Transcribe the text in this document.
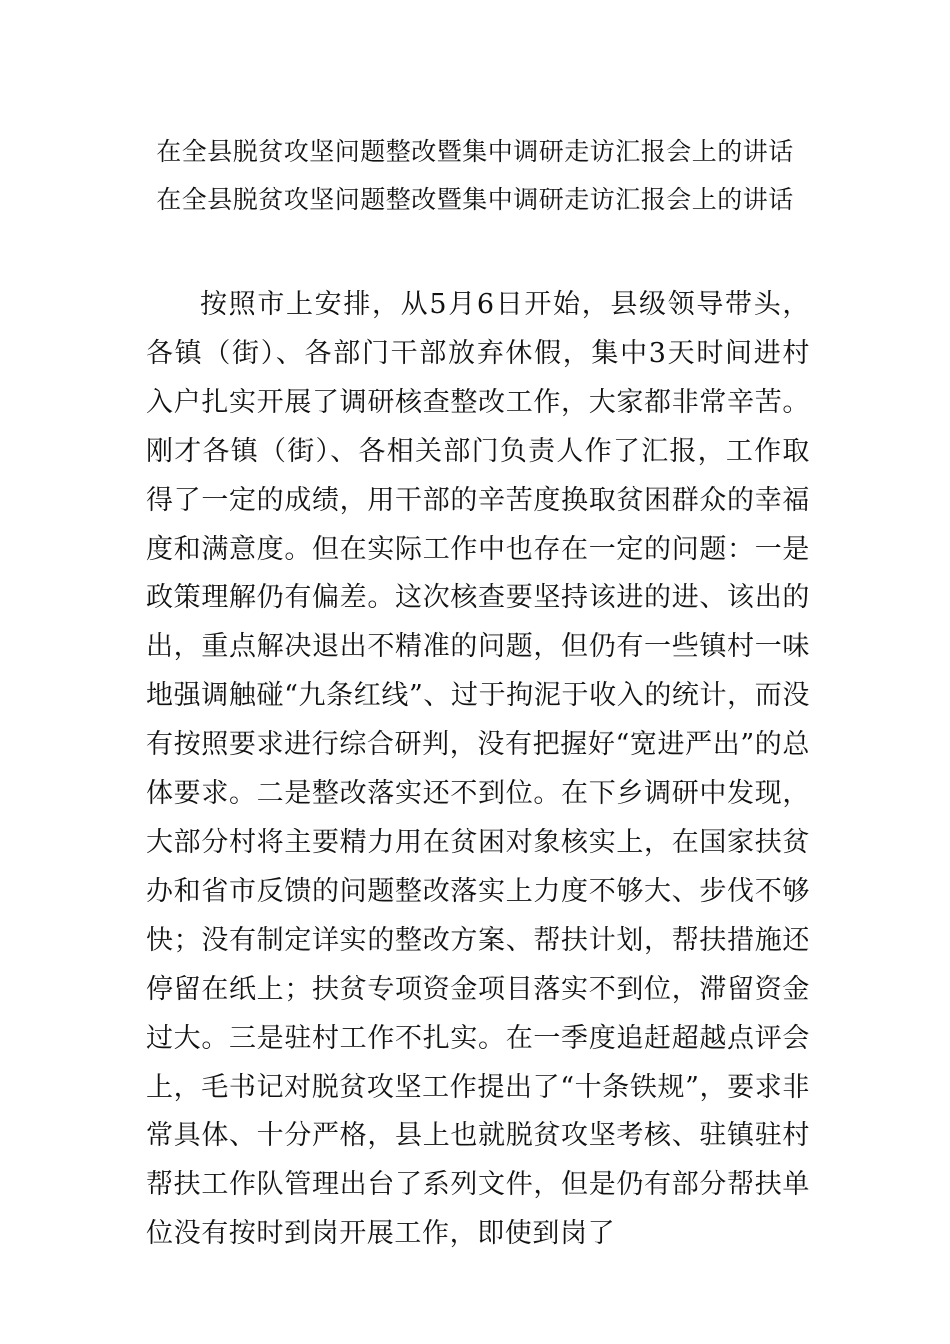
在全县脱贫攻坚问题整改暨集中调研走访汇报会上的讲话
在全县脱贫攻坚问题整改暨集中调研走访汇报会上的讲话

按照市上安排，从5月6日开始，县级领导带头，各镇（街）、各部门干部放弃休假，集中3天时间进村入户扎实开展了调研核查整改工作，大家都非常辛苦。刚才各镇（街）、各相关部门负责人作了汇报，工作取得了一定的成绩，用干部的辛苦度换取贫困群众的幸福度和满意度。但在实际工作中也存在一定的问题：一是政策理解仍有偏差。这次核查要坚持该进的进、该出的出，重点解决退出不精准的问题，但仍有一些镇村一味地强调触碰“九条红线”、过于拘泥于收入的统计，而没有按照要求进行综合研判，没有把握好“宽进严出”的总体要求。二是整改落实还不到位。在下乡调研中发现，大部分村将主要精力用在贫困对象核实上，在国家扶贫办和省市反馈的问题整改落实上力度不够大、步伐不够快；没有制定详实的整改方案、帮扶计划，帮扶措施还停留在纸上；扶贫专项资金项目落实不到位，滞留资金过大。三是驻村工作不扎实。在一季度追赶超越点评会上，毛书记对脱贫攻坚工作提出了“十条铁规”，要求非常具体、十分严格，县上也就脱贫攻坚考核、驻镇驻村帮扶工作队管理出台了系列文件，但是仍有部分帮扶单位没有按时到岗开展工作，即使到岗了
